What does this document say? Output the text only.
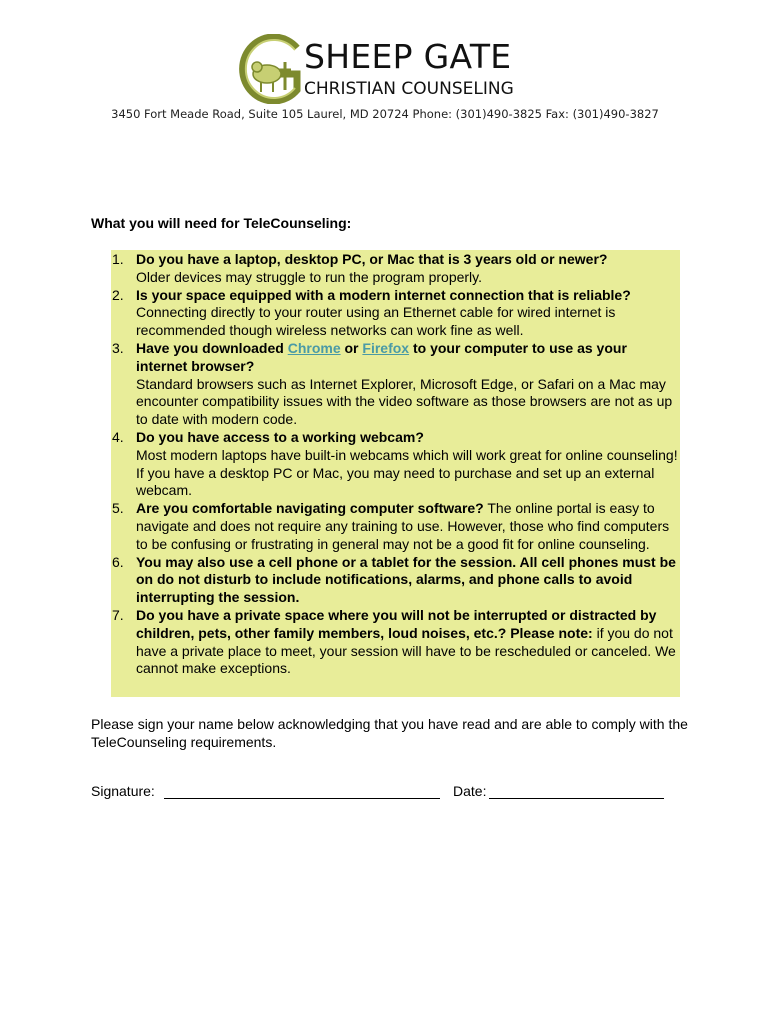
SHEEP GATE
CHRISTIAN COUNSELING
3450 Fort Meade Road, Suite 105 Laurel, MD 20724 Phone: (301)490-3825 Fax: (301)490-3827
What you will need for TeleCounseling:
1. Do you have a laptop, desktop PC, or Mac that is 3 years old or newer?
Older devices may struggle to run the program properly.
2. Is your space equipped with a modern internet connection that is reliable?
Connecting directly to your router using an Ethernet cable for wired internet is recommended though wireless networks can work fine as well.
3. Have you downloaded Chrome or Firefox to your computer to use as your internet browser?
Standard browsers such as Internet Explorer, Microsoft Edge, or Safari on a Mac may encounter compatibility issues with the video software as those browsers are not as up to date with modern code.
4. Do you have access to a working webcam?
Most modern laptops have built-in webcams which will work great for online counseling! If you have a desktop PC or Mac, you may need to purchase and set up an external webcam.
5. Are you comfortable navigating computer software? The online portal is easy to navigate and does not require any training to use. However, those who find computers to be confusing or frustrating in general may not be a good fit for online counseling.
6. You may also use a cell phone or a tablet for the session. All cell phones must be on do not disturb to include notifications, alarms, and phone calls to avoid interrupting the session.
7. Do you have a private space where you will not be interrupted or distracted by children, pets, other family members, loud noises, etc.? Please note: if you do not have a private place to meet, your session will have to be rescheduled or canceled. We cannot make exceptions.
Please sign your name below acknowledging that you have read and are able to comply with the TeleCounseling requirements.
Signature:	Date:
